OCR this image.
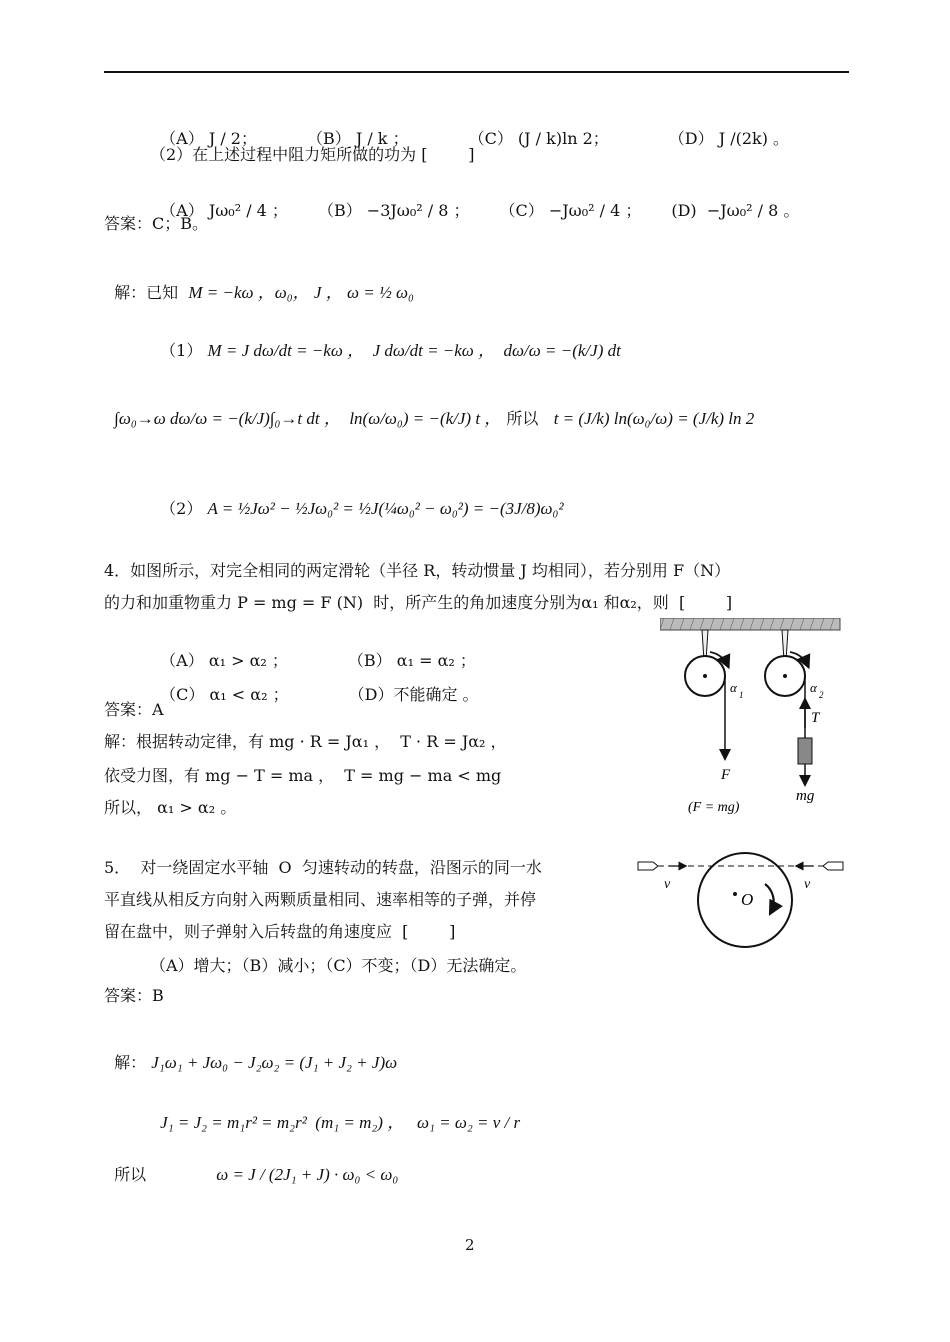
（A） J / 2；	（B） J / k ；	（C） (J / k)ln 2；	（D） J /(2k) 。

（2）在上述过程中阻力矩所做的功为 [        ]

（A） Jω₀² / 4 ； （B） −3Jω₀² / 8 ； （C） −Jω₀² / 4 ； (D)  −Jω₀² / 8 。

答案：C；B。

解：已知 M = −kω ，ω₀， J ， ω = ½ ω₀

（1） M = J dω/dt = −kω ，  J dω/dt = −kω ，  dω/ω = −(k/J) dt

∫ω₀→ω dω/ω = −(k/J)∫₀→t dt ，  ln(ω/ω₀) = −(k/J) t ， 所以 t = (J/k) ln(ω₀/ω) = (J/k) ln 2

（2） A = ½Jω² − ½Jω₀² = ½J(¼ω₀² − ω₀²) = −(3J/8)ω₀²

4．如图所示，对完全相同的两定滑轮（半径 R，转动惯量 J 均相同），若分别用 F（N）
的力和加重物重力 P = mg = F (N)  时，所产生的角加速度分别为α₁ 和α₂，则  [        ]

（A） α₁ > α₂ ；	（B） α₁ = α₂ ；

（C） α₁ < α₂ ；	（D）不能确定 。

答案：A
解：根据转动定律，有 mg · R = Jα₁ ，  T · R = Jα₂ ，
依受力图，有 mg − T = ma ，  T = mg − ma < mg
所以， α₁ > α₂ 。
α 1
F
(F = mg)
α 2
T
mg
5．  对一绕固定水平轴  O  匀速转动的转盘，沿图示的同一水
平直线从相反方向射入两颗质量相同、速率相等的子弹，并停
留在盘中，则子弹射入后转盘的角速度应  [        ]
（A）增大；（B）减小；（C）不变；（D）无法确定。
答案：B
v	v
O

解： J₁ω₁ + Jω₀ − J₂ω₂ = (J₁ + J₂ + J)ω

J₁ = J₂ = m₁r² = m₂r²  (m₁ = m₂) ，   ω₁ = ω₂ = v / r

所以	ω = J / (2J₁ + J) · ω₀ < ω₀

2
